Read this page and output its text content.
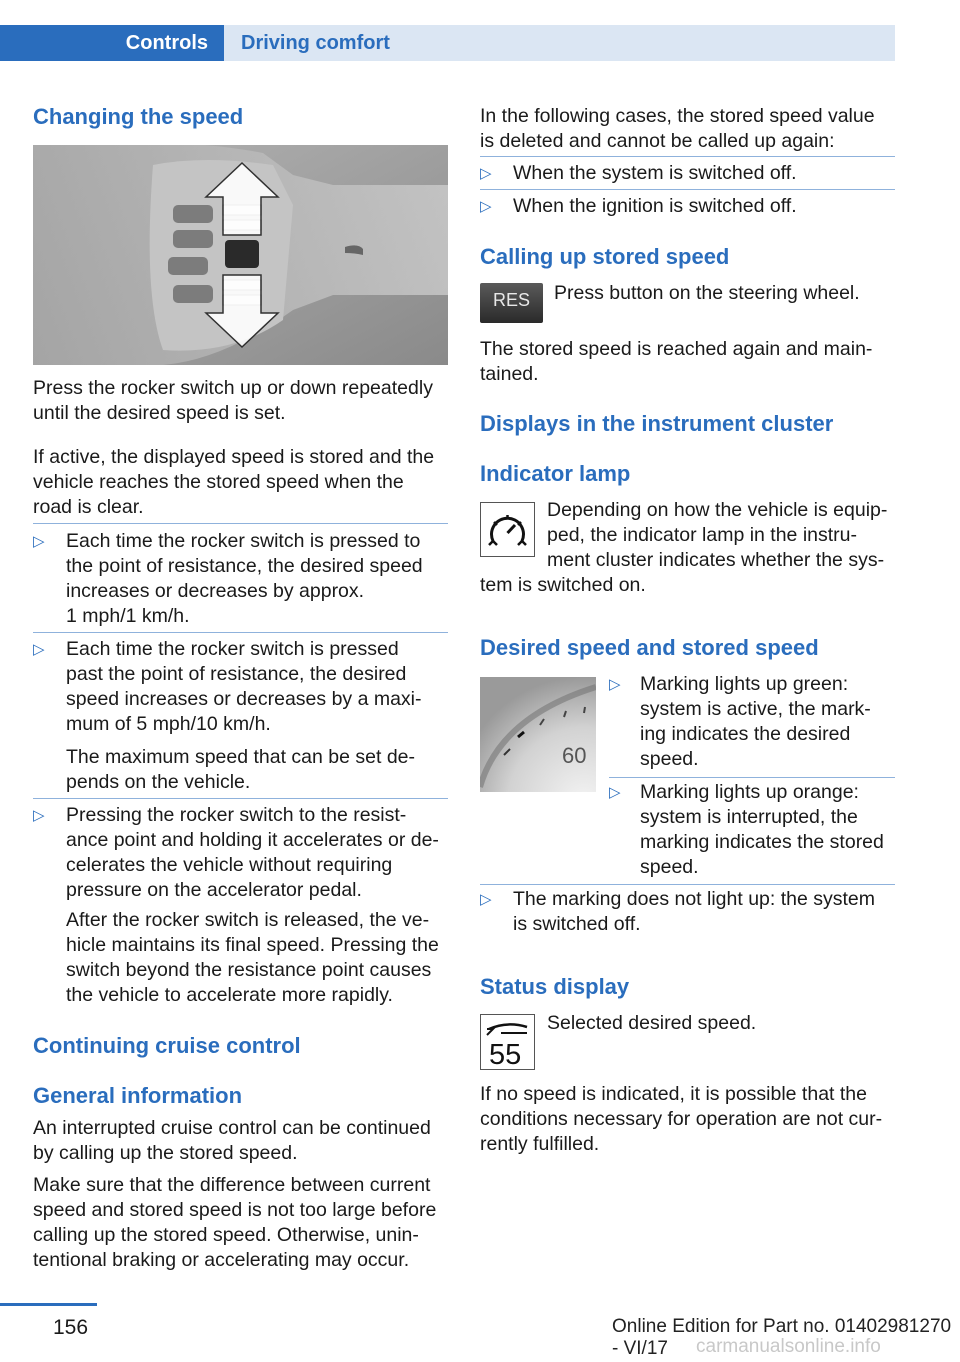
Controls	Driving comfort
Changing the speed
Press the rocker switch up or down repeatedly
until the desired speed is set.
If active, the displayed speed is stored and the
vehicle reaches the stored speed when the
road is clear.
▷ Each time the rocker switch is pressed to
the point of resistance, the desired speed
increases or decreases by approx.
1 mph/1 km/h.
▷ Each time the rocker switch is pressed
past the point of resistance, the desired
speed increases or decreases by a maxi‐
mum of 5 mph/10 km/h.
The maximum speed that can be set de‐
pends on the vehicle.
▷ Pressing the rocker switch to the resist‐
ance point and holding it accelerates or de‐
celerates the vehicle without requiring
pressure on the accelerator pedal.
After the rocker switch is released, the ve‐
hicle maintains its final speed. Pressing the
switch beyond the resistance point causes
the vehicle to accelerate more rapidly.
Continuing cruise control
General information
An interrupted cruise control can be continued
by calling up the stored speed.
Make sure that the difference between current
speed and stored speed is not too large before
calling up the stored speed. Otherwise, unin‐
tentional braking or accelerating may occur.
In the following cases, the stored speed value
is deleted and cannot be called up again:
▷ When the system is switched off.
▷ When the ignition is switched off.
Calling up stored speed
RES	Press button on the steering wheel.
The stored speed is reached again and main‐
tained.
Displays in the instrument cluster
Indicator lamp
Depending on how the vehicle is equip‐
ped, the indicator lamp in the instru‐
ment cluster indicates whether the sys‐
tem is switched on.
Desired speed and stored speed
60
▷ Marking lights up green:
system is active, the mark‐
ing indicates the desired
speed.
▷ Marking lights up orange:
system is interrupted, the
marking indicates the stored
speed.
▷ The marking does not light up: the system
is switched off.
Status display
55
Selected desired speed.
If no speed is indicated, it is possible that the
conditions necessary for operation are not cur‐
rently fulfilled.
156	Online Edition for Part no. 01402981270 - VI/17	carmanualsonline.info
